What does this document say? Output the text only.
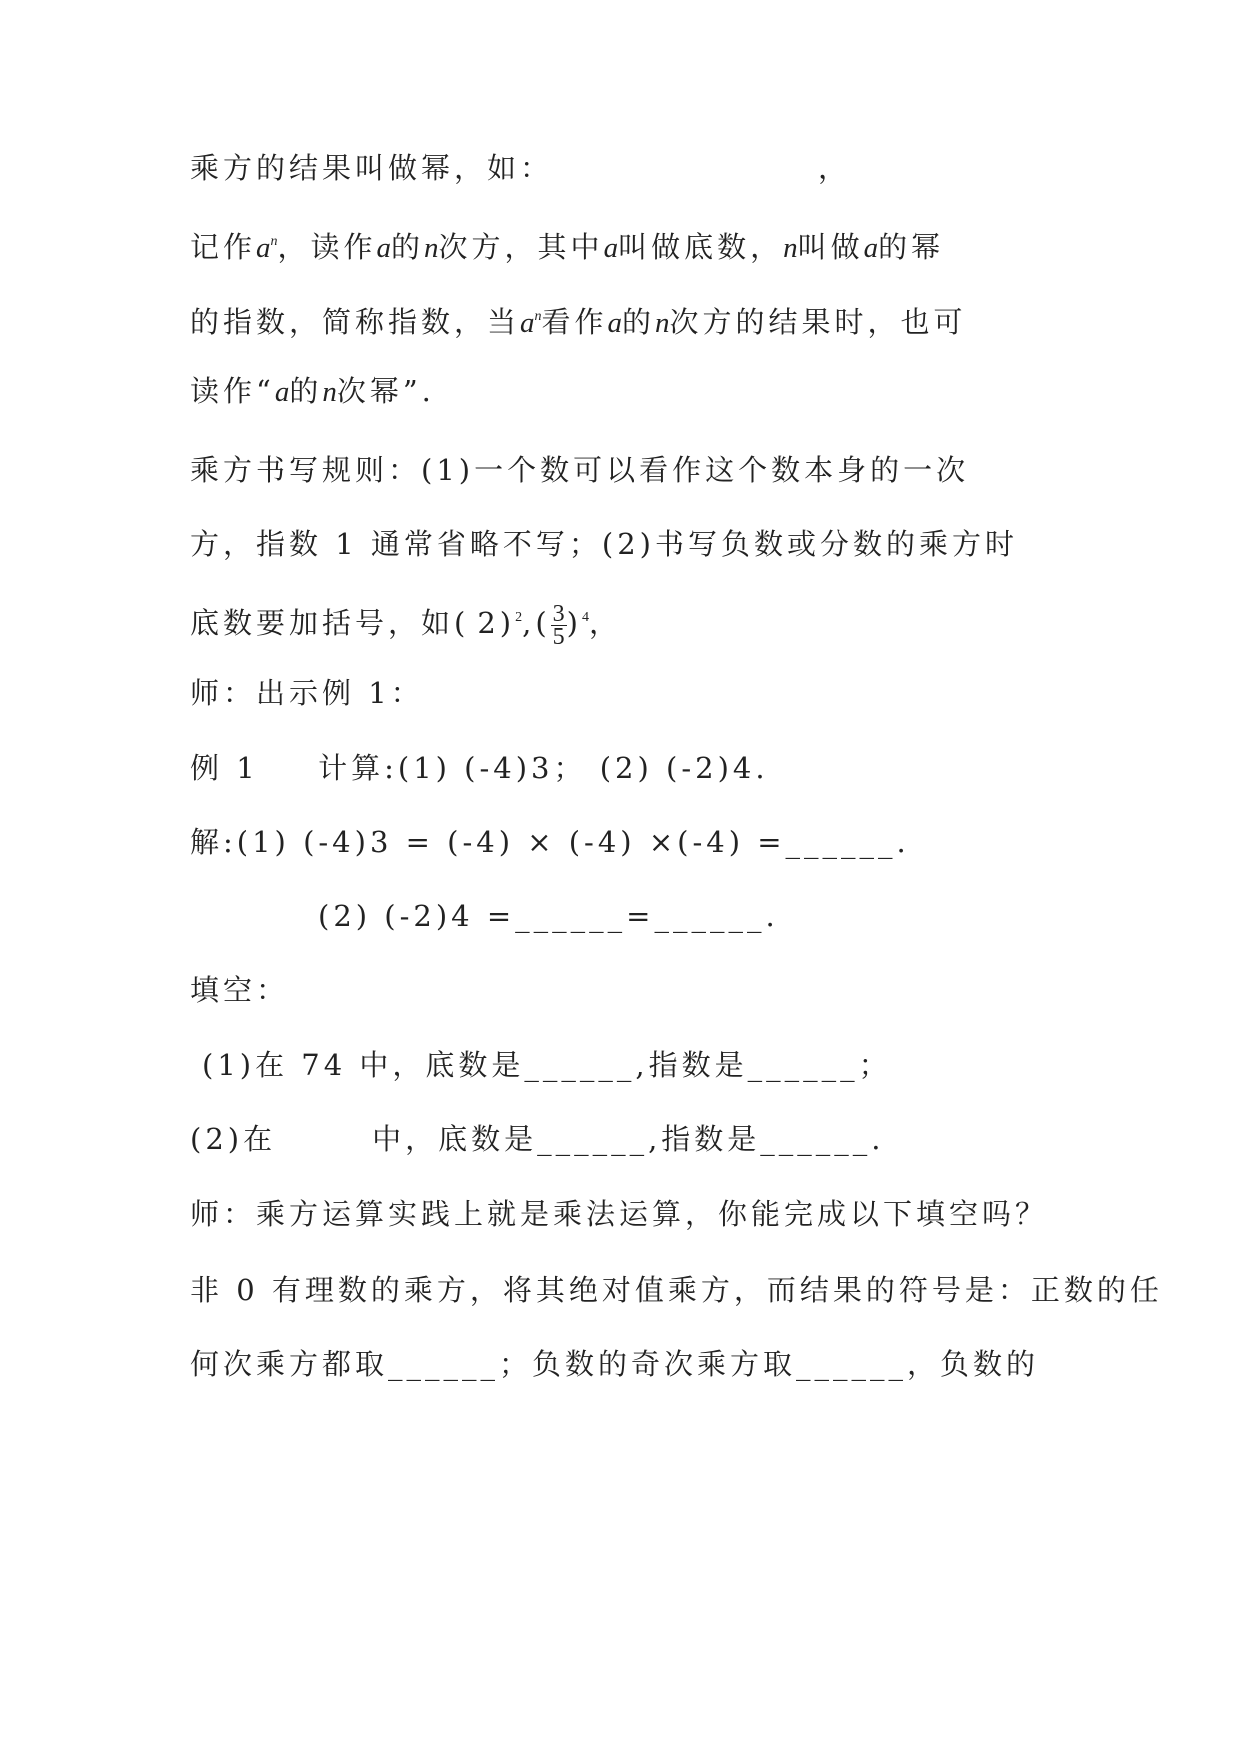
乘方的结果叫做幂，如：	，
记作$a^n$，读作a的n次方，其中a叫做底数，n叫做a的幂
的指数，简称指数，当$a^n$看作a的n次方的结果时，也可
读作“a的n次幂”.
乘方书写规则：(1)一个数可以看作这个数本身的一次
方，指数 1 通常省略不写；(2)书写负数或分数的乘方时
底数要加括号，如( $2)^2,( \frac{3}{5} )^4$，
师：出示例 1：
例 1 　 计算:(1) (-4)3； (2) (-2)4.
解:(1) (-4)3 = (-4) × (-4) ×(-4) =______.
(2) (-2)4 =______=______.
填空：
(1)在 74 中，底数是______,指数是______；
(2)在	中，底数是______,指数是______.
师：乘方运算实践上就是乘法运算，你能完成以下填空吗？
非 0 有理数的乘方，将其绝对值乘方，而结果的符号是：正数的任
何次乘方都取______；负数的奇次乘方取______，负数的
